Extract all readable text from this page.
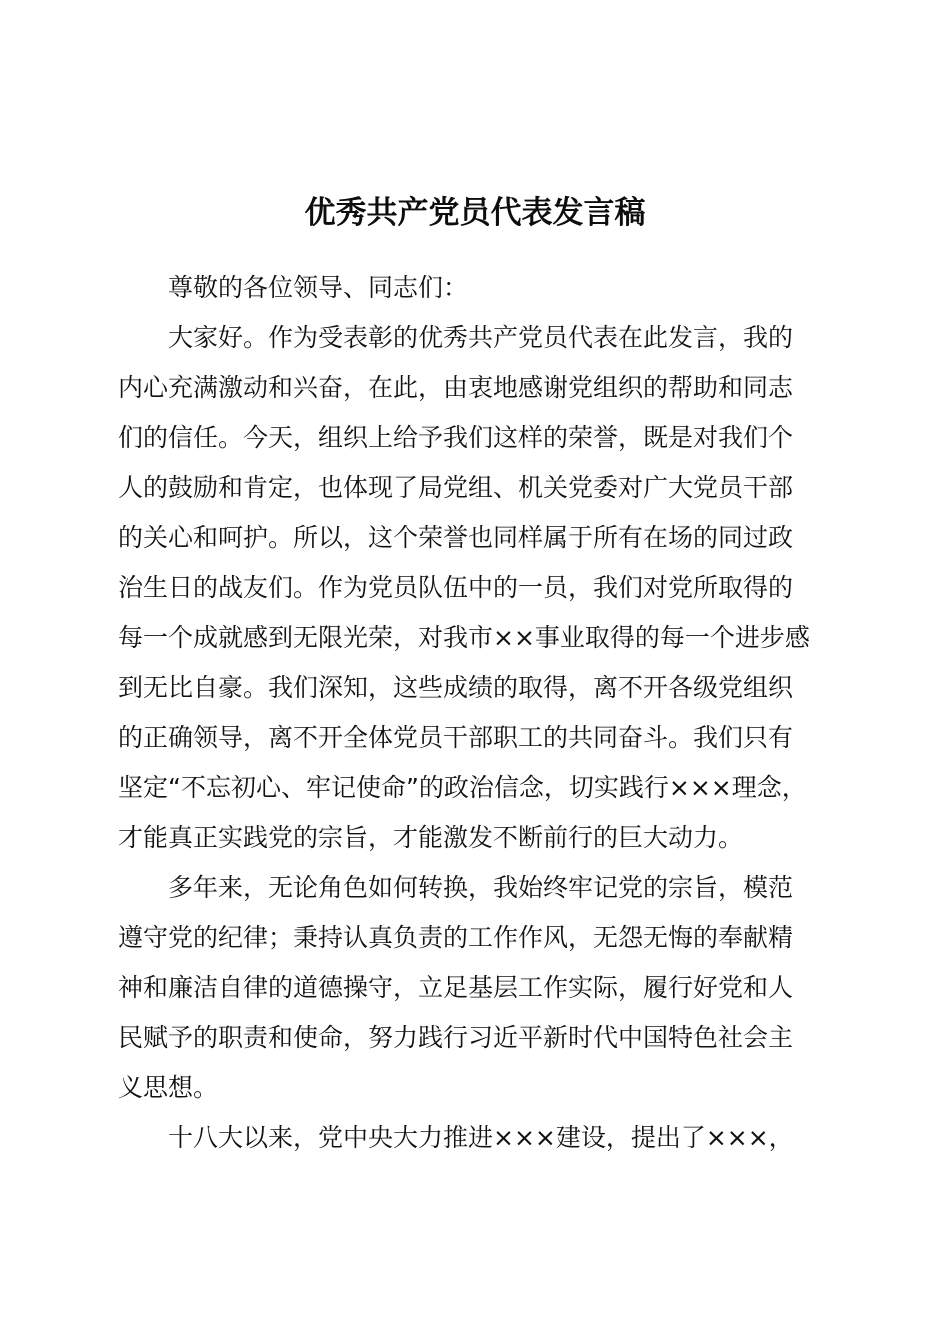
优秀共产党员代表发言稿
尊敬的各位领导、同志们：
大家好。作为受表彰的优秀共产党员代表在此发言，我的
内心充满激动和兴奋，在此，由衷地感谢党组织的帮助和同志
们的信任。今天，组织上给予我们这样的荣誉，既是对我们个
人的鼓励和肯定，也体现了局党组、机关党委对广大党员干部
的关心和呵护。所以，这个荣誉也同样属于所有在场的同过政
治生日的战友们。作为党员队伍中的一员，我们对党所取得的
每一个成就感到无限光荣，对我市××事业取得的每一个进步感
到无比自豪。我们深知，这些成绩的取得，离不开各级党组织
的正确领导，离不开全体党员干部职工的共同奋斗。我们只有
坚定“不忘初心、牢记使命”的政治信念，切实践行×××理念，
才能真正实践党的宗旨，才能激发不断前行的巨大动力。
多年来，无论角色如何转换，我始终牢记党的宗旨，模范
遵守党的纪律；秉持认真负责的工作作风，无怨无悔的奉献精
神和廉洁自律的道德操守，立足基层工作实际，履行好党和人
民赋予的职责和使命，努力践行习近平新时代中国特色社会主
义思想。
十八大以来，党中央大力推进×××建设，提出了×××，
